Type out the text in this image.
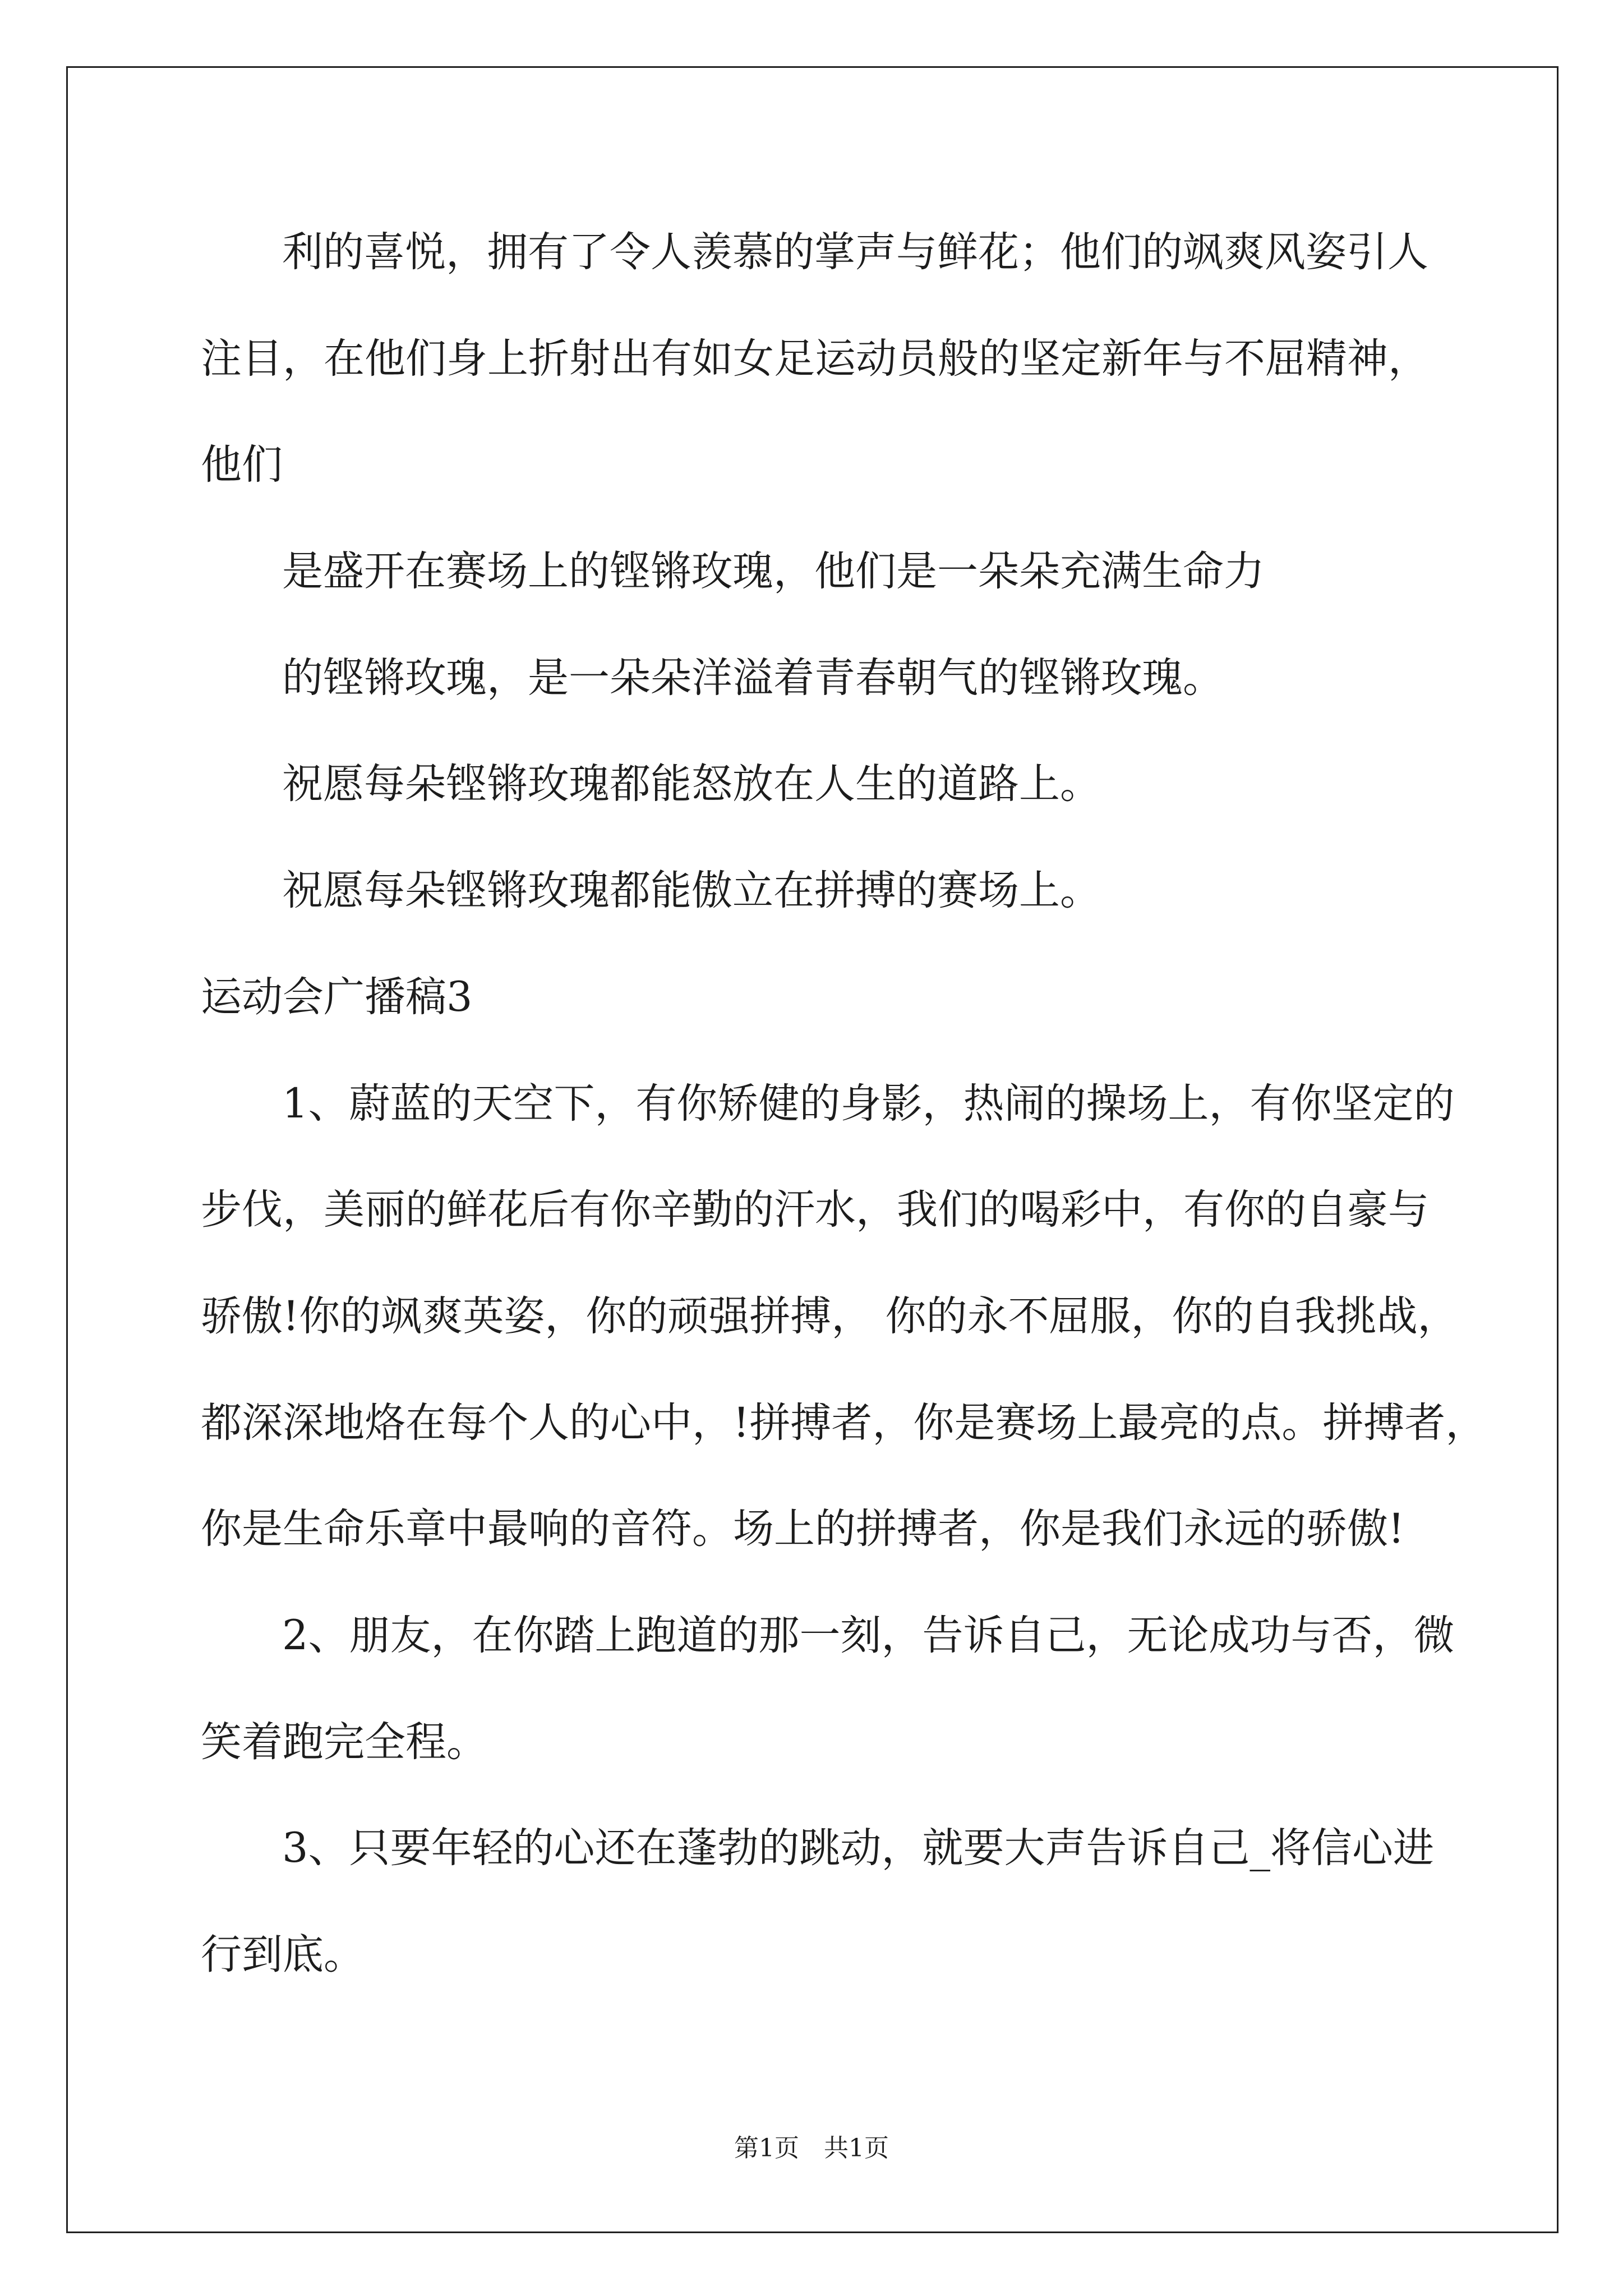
利的喜悦，拥有了令人羡慕的掌声与鲜花；他们的飒爽风姿引人
注目，在他们身上折射出有如女足运动员般的坚定新年与不屈精神，
他们
是盛开在赛场上的铿锵玫瑰，他们是一朵朵充满生命力
的铿锵玫瑰，是一朵朵洋溢着青春朝气的铿锵玫瑰。
祝愿每朵铿锵玫瑰都能怒放在人生的道路上。
祝愿每朵铿锵玫瑰都能傲立在拼搏的赛场上。
运动会广播稿3
1、蔚蓝的天空下，有你矫健的身影，热闹的操场上，有你坚定的
步伐，美丽的鲜花后有你辛勤的汗水，我们的喝彩中，有你的自豪与
骄傲!你的飒爽英姿，你的顽强拼搏， 你的永不屈服，你的自我挑战，
都深深地烙在每个人的心中，!拼搏者，你是赛场上最亮的点。拼搏者，
你是生命乐章中最响的音符。场上的拼搏者，你是我们永远的骄傲!
2、朋友，在你踏上跑道的那一刻，告诉自己，无论成功与否，微
笑着跑完全程。
3、只要年轻的心还在蓬勃的跳动，就要大声告诉自己_将信心进
行到底。
第1页　共1页
